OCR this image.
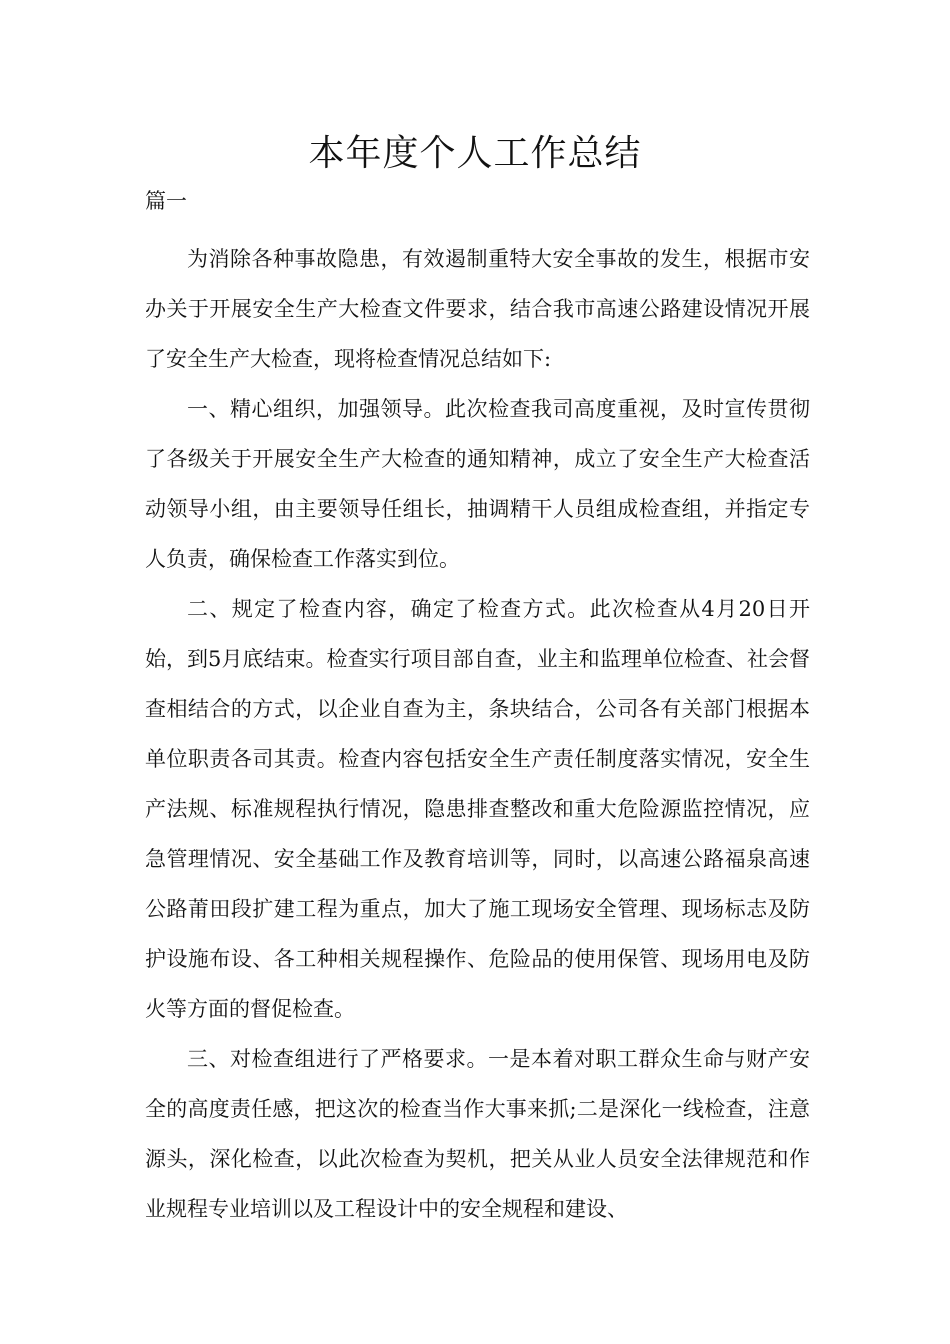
本年度个人工作总结

篇一

为消除各种事故隐患，有效遏制重特大安全事故的发生，根据市安办关于开展安全生产大检查文件要求，结合我市高速公路建设情况开展了安全生产大检查，现将检查情况总结如下:

一、精心组织，加强领导。此次检查我司高度重视，及时宣传贯彻了各级关于开展安全生产大检查的通知精神，成立了安全生产大检查活动领导小组，由主要领导任组长，抽调精干人员组成检查组，并指定专人负责，确保检查工作落实到位。

二、规定了检查内容，确定了检查方式。此次检查从4月20日开始，到5月底结束。检查实行项目部自查，业主和监理单位检查、社会督查相结合的方式，以企业自查为主，条块结合，公司各有关部门根据本单位职责各司其责。检查内容包括安全生产责任制度落实情况，安全生产法规、标准规程执行情况，隐患排查整改和重大危险源监控情况，应急管理情况、安全基础工作及教育培训等，同时，以高速公路福泉高速公路莆田段扩建工程为重点，加大了施工现场安全管理、现场标志及防护设施布设、各工种相关规程操作、危险品的使用保管、现场用电及防火等方面的督促检查。

三、对检查组进行了严格要求。一是本着对职工群众生命与财产安全的高度责任感，把这次的检查当作大事来抓;二是深化一线检查，注意源头，深化检查，以此次检查为契机，把关从业人员安全法律规范和作业规程专业培训以及工程设计中的安全规程和建设、
